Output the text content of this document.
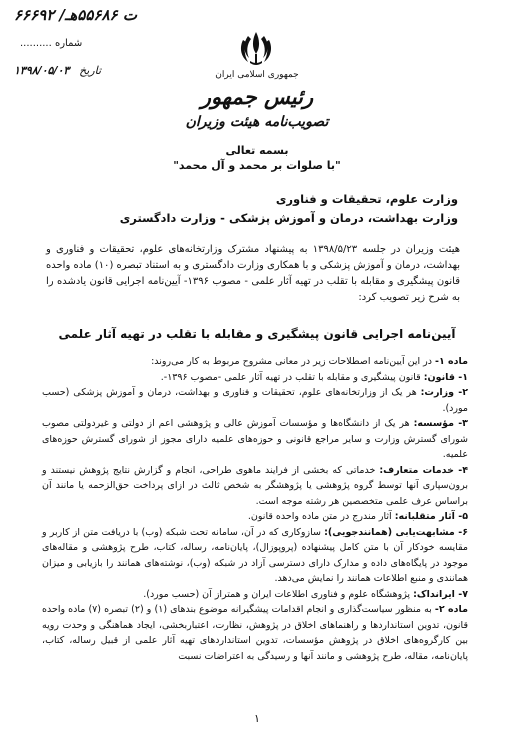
۶۶۶۹۲ /ت ۵۵۶۸۶هـ
.......... شماره
۱۳۹۸/۰۵/۰۳ تاریخ	جمهوری اسلامی ایران
رئیس جمهور
تصویب‌نامه هیئت وزیران
بسمه تعالی
"با صلوات بر محمد و آل محمد"
وزارت علوم، تحقیقات و فناوری
وزارت بهداشت، درمان و آموزش پزشکی - وزارت دادگستری
هیئت وزیران در جلسه ۱۳۹۸/۵/۲۳ به پیشنهاد مشترک وزارتخانه‌های علوم، تحقیقات و فناوری و بهداشت، درمان و آموزش پزشکی و با همکاری وزارت دادگستری و به استناد تبصره (۱۰) ماده واحده قانون پیشگیری و مقابله با تقلب در تهیه آثار علمی - مصوب ۱۳۹۶- آیین‌نامه اجرایی قانون یادشده را به شرح زیر تصویب کرد:
آیین‌نامه اجرایی قانون پیشگیری و مقابله با تقلب در تهیه آثار علمی

ماده ۱- در این آیین‌نامه اصطلاحات زیر در معانی مشروح مربوط به کار می‌روند:

۱- قانون: قانون پیشگیری و مقابله با تقلب در تهیه آثار علمی -مصوب ۱۳۹۶-.

۲- وزارت: هر یک از وزارتخانه‌های علوم، تحقیقات و فناوری و بهداشت، درمان و آموزش پزشکی (حسب مورد).

۳- مؤسسه: هر یک از دانشگاه‌ها و مؤسسات آموزش عالی و پژوهشی اعم از دولتی و غیردولتی مصوب شورای گسترش وزارت و سایر مراجع قانونی و حوزه‌های علمیه دارای مجوز از شورای گسترش حوزه‌های علمیه.

۴- خدمات متعارف: خدماتی که بخشی از فرایند ماهوی طراحی، انجام و گزارش نتایج پژوهش نیستند و برون‌سپاری آنها توسط گروه پژوهشی یا پژوهشگر به شخص ثالث در ازای پرداخت حق‌الزحمه یا مانند آن براساس عرف علمی متخصصین هر رشته موجه است.

۵- آثار متقلبانه: آثار مندرج در متن ماده واحده قانون.

۶- مشابهت‌یابی (همانندجویی): سازوکاری که در آن، سامانه تحت شبکه (وب) با دریافت متن از کاربر و مقایسه خودکار آن با متن کامل پیشنهاده (پروپوزال)، پایان‌نامه، رساله، کتاب، طرح پژوهشی و مقاله‌های موجود در پایگاه‌های داده و مدارک دارای دسترسی آزاد در شبکه (وب)، نوشته‌های همانند را بازیابی و میزان همانندی و منبع اطلاعات همانند را نمایش می‌دهد.

۷- ایرانداک: پژوهشگاه علوم و فناوری اطلاعات ایران و همتراز آن (حسب مورد).

ماده ۲- به منظور سیاست‌گذاری و انجام اقدامات پیشگیرانه موضوع بندهای (۱) و (۲) تبصره (۷) ماده واحده قانون، تدوین استانداردها و راهنماهای اخلاق در پژوهش، نظارت، اعتباربخشی، ایجاد هماهنگی و وحدت رویه بین کارگروه‌های اخلاق در پژوهش مؤسسات، تدوین استانداردهای تهیه آثار علمی از قبیل رساله، کتاب، پایان‌نامه، مقاله، طرح پژوهشی و مانند آنها و رسیدگی به اعتراضات نسبت

۱
